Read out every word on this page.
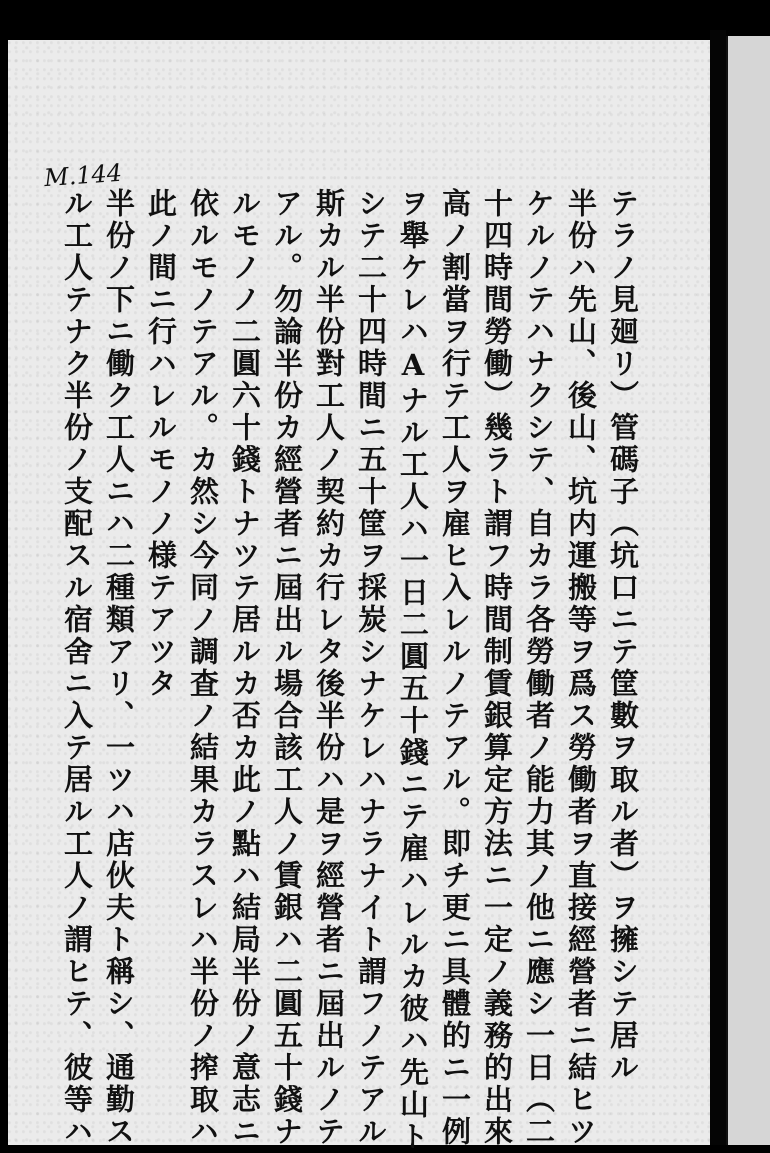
M.144
テラノ見廻リ）管碼子（坑口ニテ筐數ヲ取ル者）ヲ擁シテ居ル
半份ハ先山、後山、坑内運搬等ヲ爲ス勞働者ヲ直接經營者ニ結ヒツ
ケルノテハナクシテ、自カラ各勞働者ノ能力其ノ他ニ應シ一日（二
十四時間勞働）幾ラト謂フ時間制賃銀算定方法ニ一定ノ義務的出來
高ノ割當ヲ行テ工人ヲ雇ヒ入レルノテアル。即チ更ニ具體的ニ一例
ヲ舉ケレハAナル工人ハ一日二圓五十錢ニテ雇ハレルカ彼ハ先山ト
シテ二十四時間ニ五十筐ヲ採炭シナケレハナラナイト謂フノテアル
斯カル半份對工人ノ契約カ行レタ後半份ハ是ヲ經營者ニ屆出ルノテ
アル。勿論半份カ經營者ニ屆出ル場合該工人ノ賃銀ハ二圓五十錢ナ
ルモノノ二圓六十錢トナツテ居ルカ否カ此ノ點ハ結局半份ノ意志ニ
依ルモノテアル。カ然シ今同ノ調査ノ結果カラスレハ半份ノ搾取ハ
此ノ間ニ行ハレルモノノ様テアツタ
半份ノ下ニ働ク工人ニハ二種類アリ、一ツハ店伙夫ト稱シ、通勤ス
ル工人テナク半份ノ支配スル宿舍ニ入テ居ル工人ノ謂ヒテ、彼等ハ
